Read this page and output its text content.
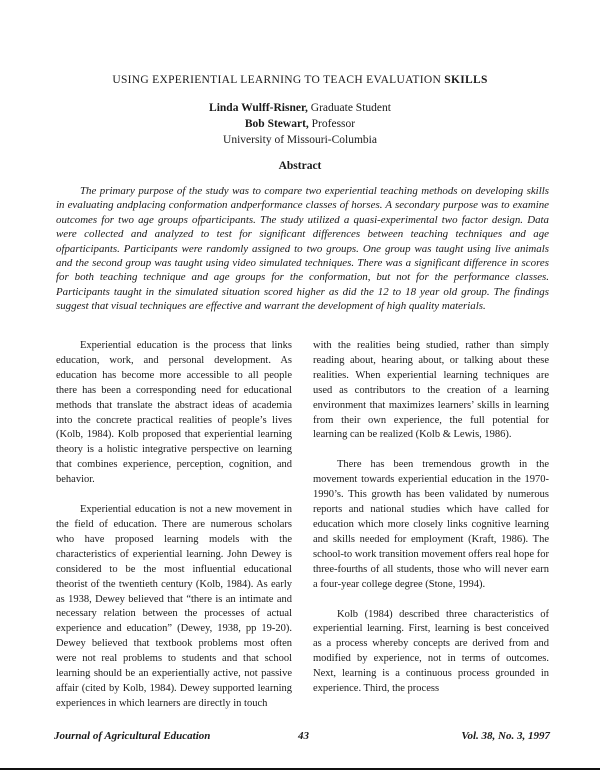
USING EXPERIENTIAL LEARNING TO TEACH EVALUATION SKILLS
Linda Wulff-Risner, Graduate Student
Bob Stewart, Professor
University of Missouri-Columbia
Abstract

The primary purpose of the study was to compare two experiential teaching methods on developing skills in evaluating andplacing conformation andperformance classes of horses. A secondary purpose was to examine outcomes for two age groups ofparticipants. The study utilized a quasi-experimental two factor design. Data were collected and analyzed to test for significant differences between teaching techniques and age ofparticipants. Participants were randomly assigned to two groups. One group was taught using live animals and the second group was taught using video simulated techniques. There was a significant difference in scores for both teaching technique and age groups for the conformation, but not for the performance classes. Participants taught in the simulated situation scored higher as did the 12 to 18 year old group. The findings suggest that visual techniques are effective and warrant the development of high quality materials.

Experiential education is the process that links education, work, and personal development. As education has become more accessible to all people there has been a corresponding need for educational methods that translate the abstract ideas of academia into the concrete practical realities of people’s lives (Kolb, 1984). Kolb proposed that experiential learning theory is a holistic integrative perspective on learning that combines experience, perception, cognition, and behavior.

Experiential education is not a new movement in the field of education. There are numerous scholars who have proposed learning models with the characteristics of experiential learning. John Dewey is considered to be the most influential educational theorist of the twentieth century (Kolb, 1984). As early as 1938, Dewey believed that “there is an intimate and necessary relation between the processes of actual experience and education” (Dewey, 1938, pp 19-20). Dewey believed that textbook problems most often were not real problems to students and that school learning should be an experientially active, not passive affair (cited by Kolb, 1984). Dewey supported learning experiences in which learners are directly in touch

with the realities being studied, rather than simply reading about, hearing about, or talking about these realities. When experiential learning techniques are used as contributors to the creation of a learning environment that maximizes learners’ skills in learning from their own experience, the full potential for learning can be realized (Kolb & Lewis, 1986).

There has been tremendous growth in the movement towards experiential education in the 1970-1990’s. This growth has been validated by numerous reports and national studies which have called for education which more closely links cognitive learning and skills needed for employment (Kraft, 1986). The school-to work transition movement offers real hope for three-fourths of all students, those who will never earn a four-year college degree (Stone, 1994).

Kolb (1984) described three characteristics of experiential learning. First, learning is best conceived as a process whereby concepts are derived from and modified by experience, not in terms of outcomes. Next, learning is a continuous process grounded in experience. Third, the process

Journal of Agricultural Education	43	Vol. 38, No. 3, 1997
